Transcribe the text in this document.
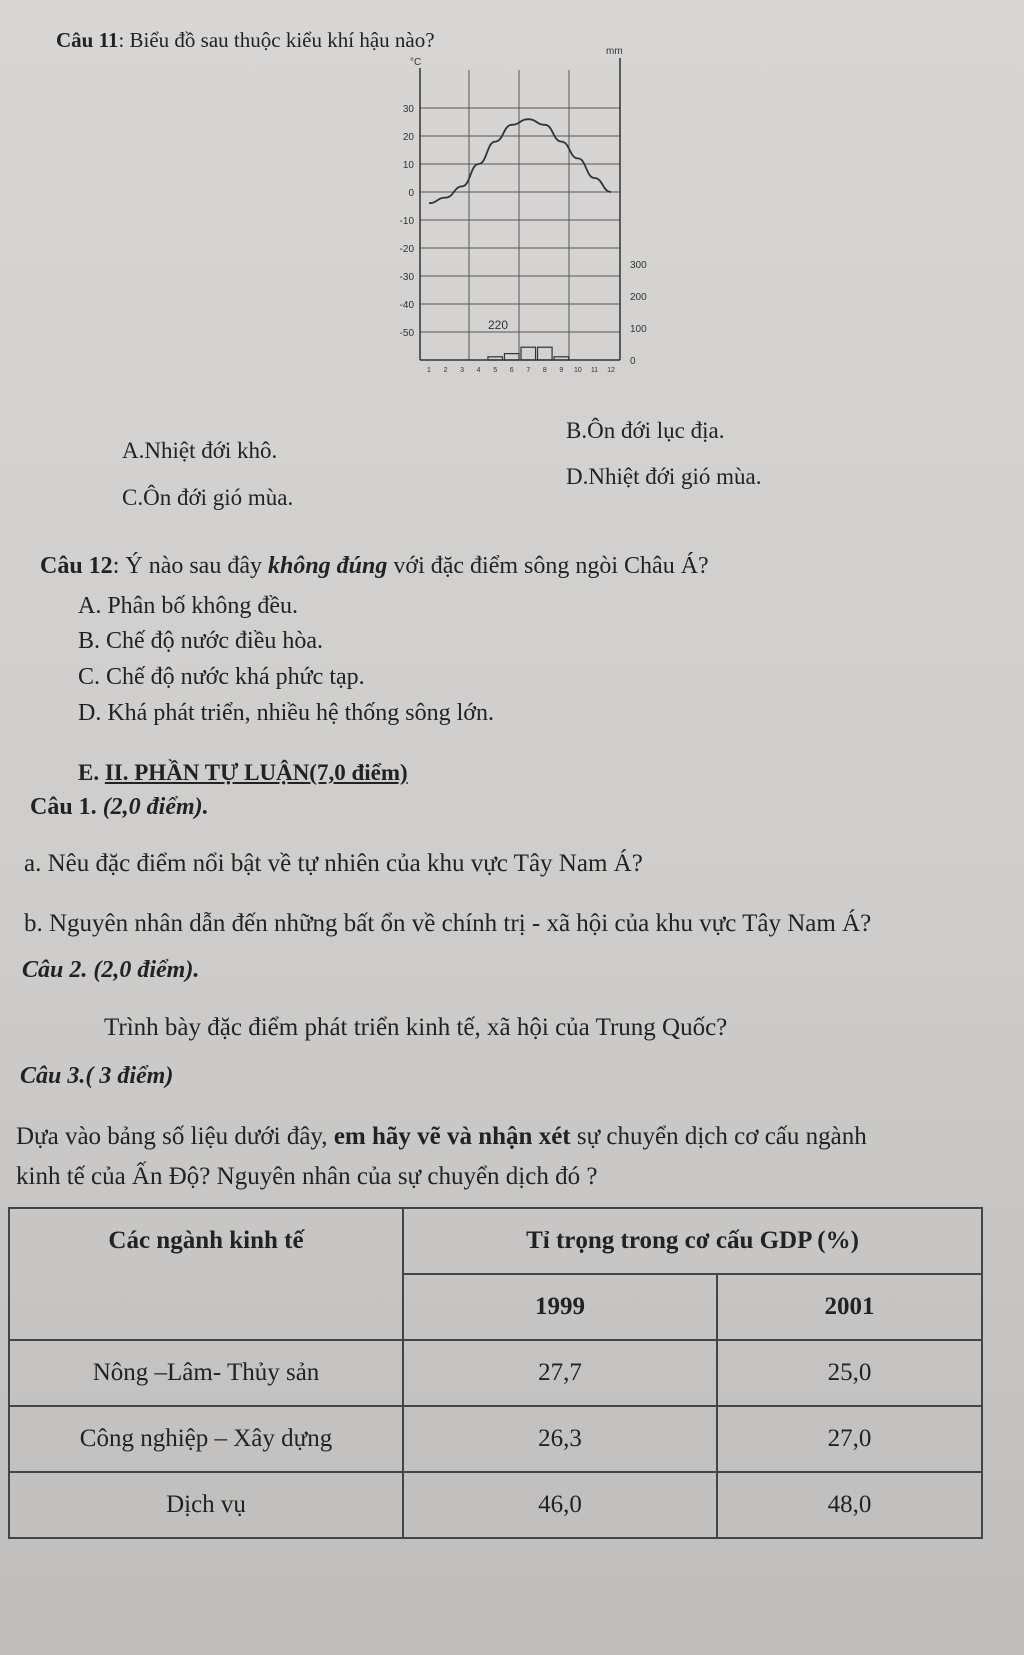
Câu 11: Biểu đồ sau thuộc kiểu khí hậu nào?
°C
mm
30
20
10
0
-10
-20
-30
-40
-50
300
200
100
0
1 2 3 4 5 6 7 8 9 10 11 12
220
A.Nhiệt đới khô.
B.Ôn đới lục địa.
C.Ôn đới gió mùa.
D.Nhiệt đới gió mùa.
Câu 12: Ý nào sau đây không đúng với đặc điểm sông ngòi Châu Á?
A. Phân bố không đều.
B. Chế độ nước điều hòa.
C. Chế độ nước khá phức tạp.
D. Khá phát triển, nhiều hệ thống sông lớn.
E. II. PHẦN TỰ LUẬN(7,0 điểm)
Câu 1. (2,0 điểm).
a. Nêu đặc điểm nổi bật về tự nhiên của khu vực Tây Nam Á?
b. Nguyên nhân dẫn đến những bất ổn về chính trị - xã hội của khu vực Tây Nam Á?
Câu 2. (2,0 điểm).
Trình bày đặc điểm phát triển kinh tế, xã hội của Trung Quốc?
Câu 3.( 3 điểm)
Dựa vào bảng số liệu dưới đây, em hãy vẽ và nhận xét sự chuyển dịch cơ cấu ngành
kinh tế của Ấn Độ? Nguyên nhân của sự chuyển dịch đó ?
Các ngành kinh tế	Tỉ trọng trong cơ cấu GDP (%)	
	1999	2001
Nông –Lâm- Thủy sản	27,7	25,0
Công nghiệp – Xây dựng	26,3	27,0
Dịch vụ	46,0	48,0
